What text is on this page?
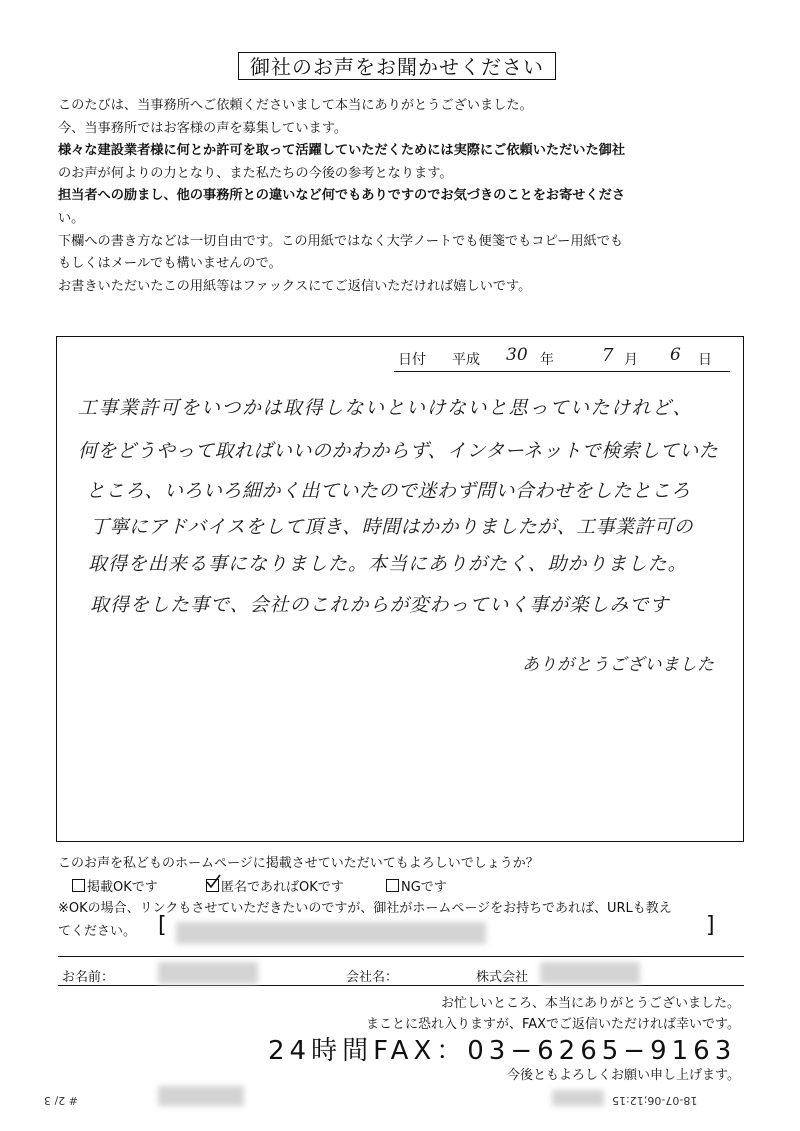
御社のお声をお聞かせください
このたびは、当事務所へご依頼くださいまして本当にありがとうございました。
今、当事務所ではお客様の声を募集しています。
様々な建設業者様に何とか許可を取って活躍していただくためには実際にご依頼いただいた御社
のお声が何よりの力となり、また私たちの今後の参考となります。
担当者への励まし、他の事務所との違いなど何でもありですのでお気づきのことをお寄せくださ
い。
下欄への書き方などは一切自由です。この用紙ではなく大学ノートでも便箋でもコピー用紙でも
もしくはメールでも構いませんので。
お書きいただいたこの用紙等はファックスにてご返信いただければ嬉しいです。
日付 平成 30 年	7 月 6 日
工事業許可をいつかは取得しないといけないと思っていたけれど、
何をどうやって取ればいいのかわからず、インターネットで検索していた
ところ、いろいろ細かく出ていたので迷わず問い合わせをしたところ
丁寧にアドバイスをして頂き、時間はかかりましたが、工事業許可の
取得を出来る事になりました。本当にありがたく、助かりました。
取得をした事で、会社のこれからが変わっていく事が楽しみです
ありがとうございました
このお声を私どものホームページに掲載させていただいてもよろしいでしょうか？
掲載OKです	匿名であればOKです	NGです
※OKの場合、リンクもさせていただきたいのですが、御社がホームページをお持ちであれば、URLも教え
てください。 [	]
お名前：	会社名：	株式会社
お忙しいところ、本当にありがとうございました。
まことに恐れ入りますが、FAXでご返信いただければ幸いです。
24時間FAX：03−6265−9163
今後ともよろしくお願い申し上げます。
# 2/ 3	18-07-06;12:15
